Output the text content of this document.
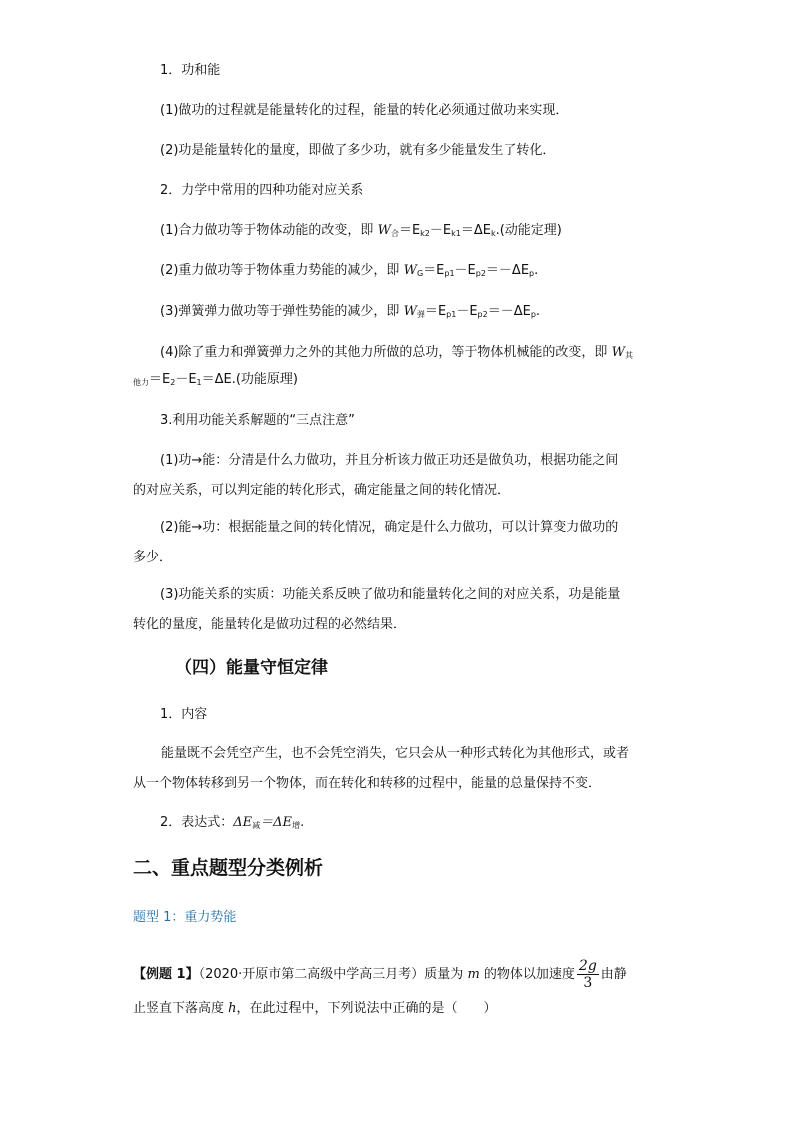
1．功和能
(1)做功的过程就是能量转化的过程，能量的转化必须通过做功来实现．
(2)功是能量转化的量度，即做了多少功，就有多少能量发生了转化．
2．力学中常用的四种功能对应关系
(1)合力做功等于物体动能的改变，即 $W_合=E_{k2}-E_{k1}=\Delta E_k$.(动能定理)
(2)重力做功等于物体重力势能的减少，即 $W_G=E_{p1}-E_{p2}=-\Delta E_p$.
(3)弹簧弹力做功等于弹性势能的减少，即 $W_弹=E_{p1}-E_{p2}=-\Delta E_p$.
(4)除了重力和弹簧弹力之外的其他力所做的总功，等于物体机械能的改变，即 $W_其$
$_{他力}=E_2-E_1=\Delta E$.(功能原理)
3.利用功能关系解题的“三点注意”
(1)功→能：分清是什么力做功，并且分析该力做正功还是做负功，根据功能之间
的对应关系，可以判定能的转化形式，确定能量之间的转化情况．
(2)能→功：根据能量之间的转化情况，确定是什么力做功，可以计算变力做功的
多少．
(3)功能关系的实质：功能关系反映了做功和能量转化之间的对应关系，功是能量
转化的量度，能量转化是做功过程的必然结果．
（四）能量守恒定律
1．内容
能量既不会凭空产生，也不会凭空消失，它只会从一种形式转化为其他形式，或者
从一个物体转移到另一个物体，而在转化和转移的过程中，能量的总量保持不变．
2．表达式：$\Delta E_减=\Delta E_增$.
二、重点题型分类例析
题型 1：重力势能
【例题 1】（2020·开原市第二高级中学高三月考）质量为 m 的物体以加速度 $\frac{2g}{3}$ 由静
止竖直下落高度 h，在此过程中，下列说法中正确的是（　　）
